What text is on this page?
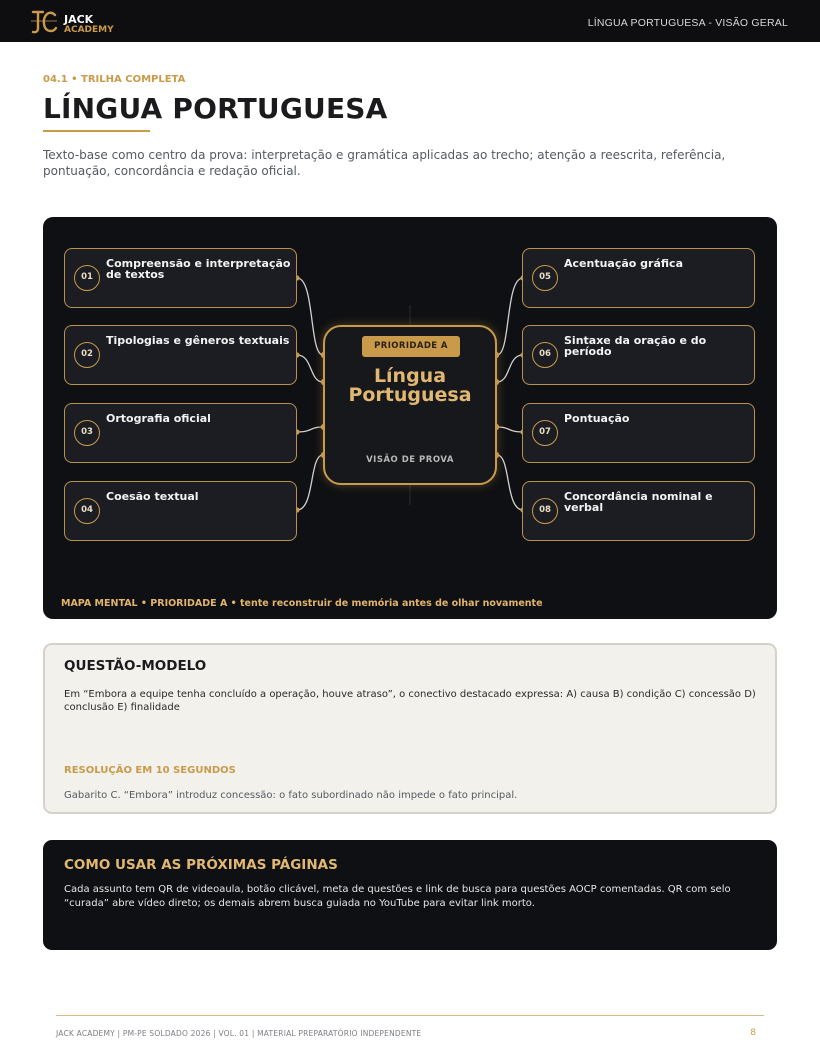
JACK
ACADEMY
LÍNGUA PORTUGUESA - VISÃO GERAL
04.1 • TRILHA COMPLETA
LÍNGUA PORTUGUESA
Texto-base como centro da prova: interpretação e gramática aplicadas ao trecho; atenção a reescrita, referência, pontuação, concordância e redação oficial.
01
Compreensão e interpretação de textos
02
Tipologias e gêneros textuais
03
Ortografia oficial
04
Coesão textual
05
Acentuação gráfica
06
Sintaxe da oração e do período
07
Pontuação
08
Concordância nominal e verbal
PRIORIDADE A
Língua
Portuguesa
VISÃO DE PROVA
MAPA MENTAL • PRIORIDADE A • tente reconstruir de memória antes de olhar novamente
QUESTÃO-MODELO
Em “Embora a equipe tenha concluído a operação, houve atraso”, o conectivo destacado expressa: A) causa B) condição C) concessão D) conclusão E) finalidade
RESOLUÇÃO EM 10 SEGUNDOS
Gabarito C. “Embora” introduz concessão: o fato subordinado não impede o fato principal.
COMO USAR AS PRÓXIMAS PÁGINAS
Cada assunto tem QR de videoaula, botão clicável, meta de questões e link de busca para questões AOCP comentadas. QR com selo “curada” abre vídeo direto; os demais abrem busca guiada no YouTube para evitar link morto.
JACK ACADEMY | PM-PE SOLDADO 2026 | VOL. 01 | MATERIAL PREPARATÓRIO INDEPENDENTE	8
